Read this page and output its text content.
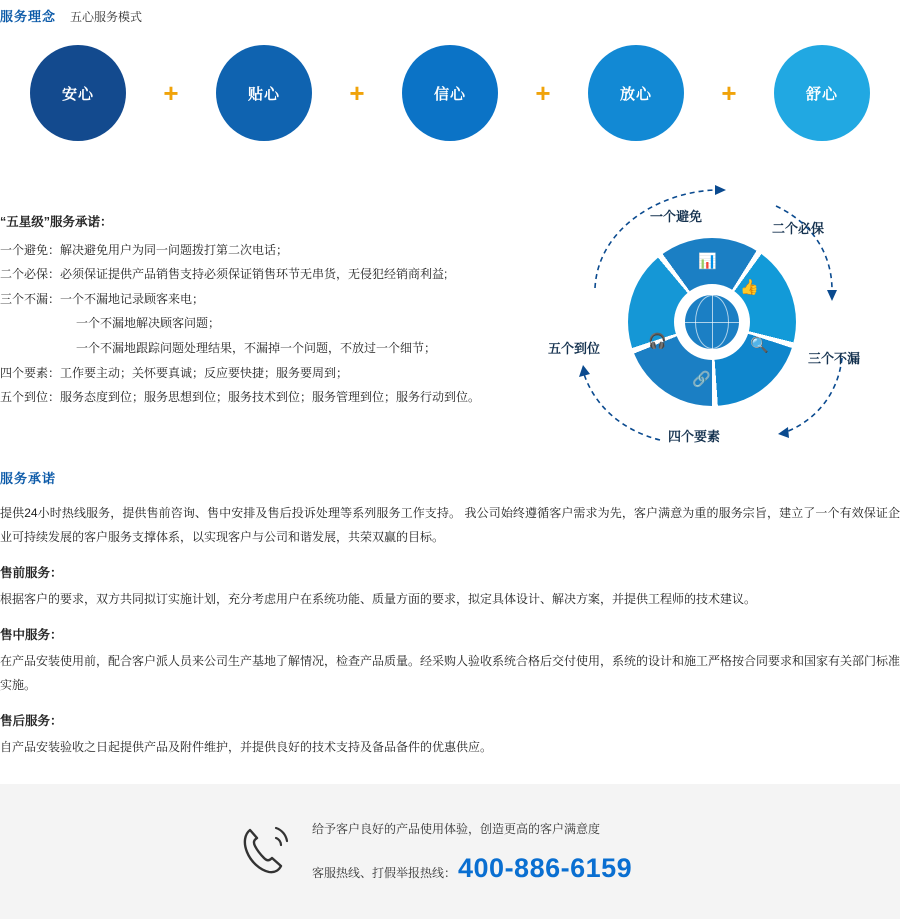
服务理念 五心服务模式
安心	+	贴心	+	信心	+	放心	+	舒心
“五星级”服务承诺：
一个避免：解决避免用户为同一问题拨打第二次电话；
二个必保：必须保证提供产品销售支持必须保证销售环节无串货，无侵犯经销商利益;
三个不漏：一个不漏地记录顾客来电；
一个不漏地解决顾客问题；
一个不漏地跟踪问题处理结果，不漏掉一个问题，不放过一个细节；
四个要素：工作要主动；关怀要真诚；反应要快捷；服务要周到；
五个到位：服务态度到位；服务思想到位；服务技术到位；服务管理到位；服务行动到位。
一个避免
二个必保
三个不漏
四个要素
五个到位
📊
👍
🔍
🔗
🎧
服务承诺

提供24小时热线服务，提供售前咨询、售中安排及售后投诉处理等系列服务工作支持。 我公司始终遵循客户需求为先，客户满意为重的服务宗旨，建立了一个有效保证企业可持续发展的客户服务支撑体系，以实现客户与公司和谐发展，共荣双赢的目标。

售前服务：

根据客户的要求，双方共同拟订实施计划，充分考虑用户在系统功能、质量方面的要求，拟定具体设计、解决方案，并提供工程师的技术建议。

售中服务：

在产品安装使用前，配合客户派人员来公司生产基地了解情况，检查产品质量。经采购人验收系统合格后交付使用，系统的设计和施工严格按合同要求和国家有关部门标准实施。

售后服务：

自产品安装验收之日起提供产品及附件维护，并提供良好的技术支持及备品备件的优惠供应。

给予客户良好的产品使用体验，创造更高的客户满意度
客服热线、打假举报热线： 400-886-6159
